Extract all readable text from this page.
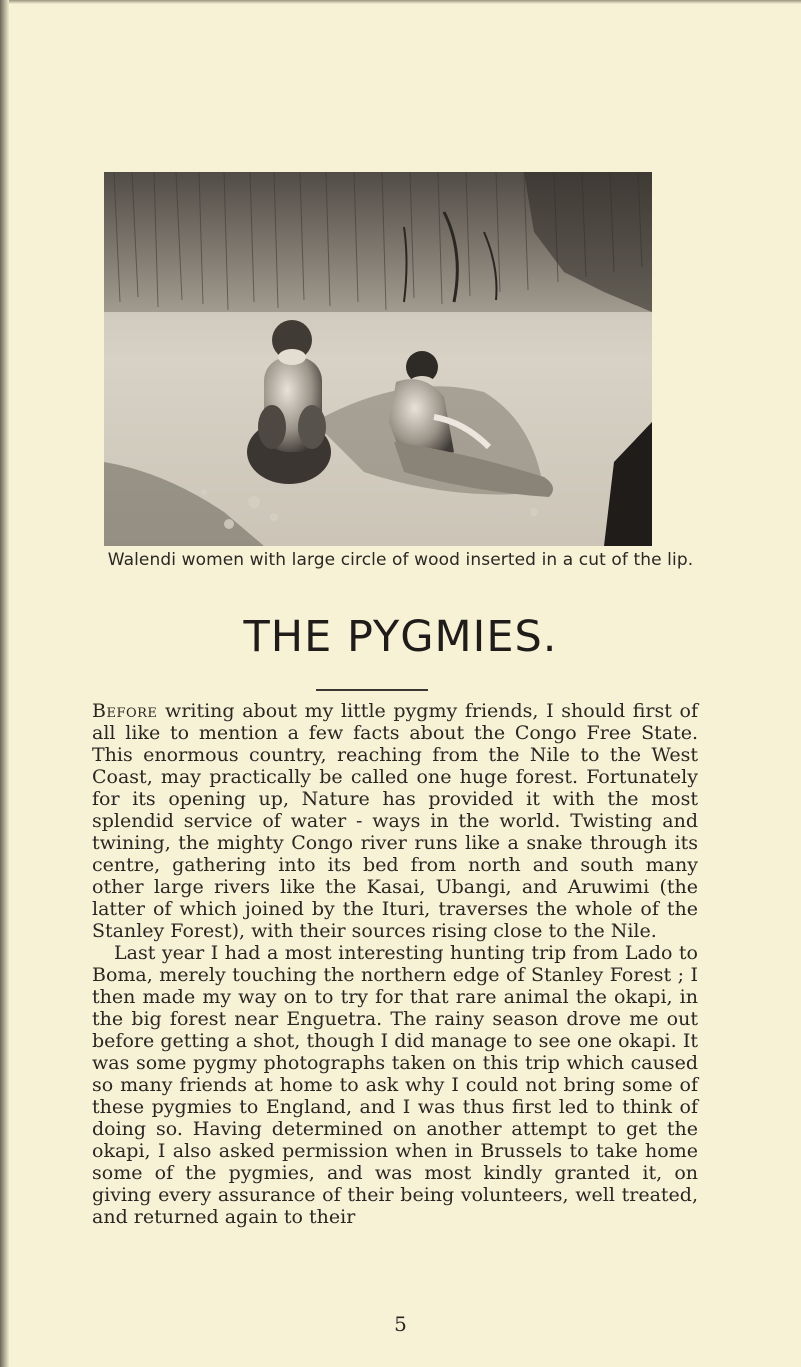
Walendi women with large circle of wood inserted in a cut of the lip.
THE PYGMIES.

Before writing about my little pygmy friends, I should first of all like to mention a few facts about the Congo Free State. This enormous country, reaching from the Nile to the West Coast, may practically be called one huge forest. Fortunately for its opening up, Nature has provided it with the most splendid service of water - ways in the world. Twisting and twining, the mighty Congo river runs like a snake through its centre, gathering into its bed from north and south many other large rivers like the Kasai, Ubangi, and Aruwimi (the latter of which joined by the Ituri, traverses the whole of the Stanley Forest), with their sources rising close to the Nile.

Last year I had a most interesting hunting trip from Lado to Boma, merely touching the northern edge of Stanley Forest ; I then made my way on to try for that rare animal the okapi, in the big forest near Enguetra. The rainy season drove me out before getting a shot, though I did manage to see one okapi. It was some pygmy photographs taken on this trip which caused so many friends at home to ask why I could not bring some of these pygmies to England, and I was thus first led to think of doing so. Having determined on another attempt to get the okapi, I also asked permission when in Brussels to take home some of the pygmies, and was most kindly granted it, on giving every assurance of their being volunteers, well treated, and returned again to their

5
